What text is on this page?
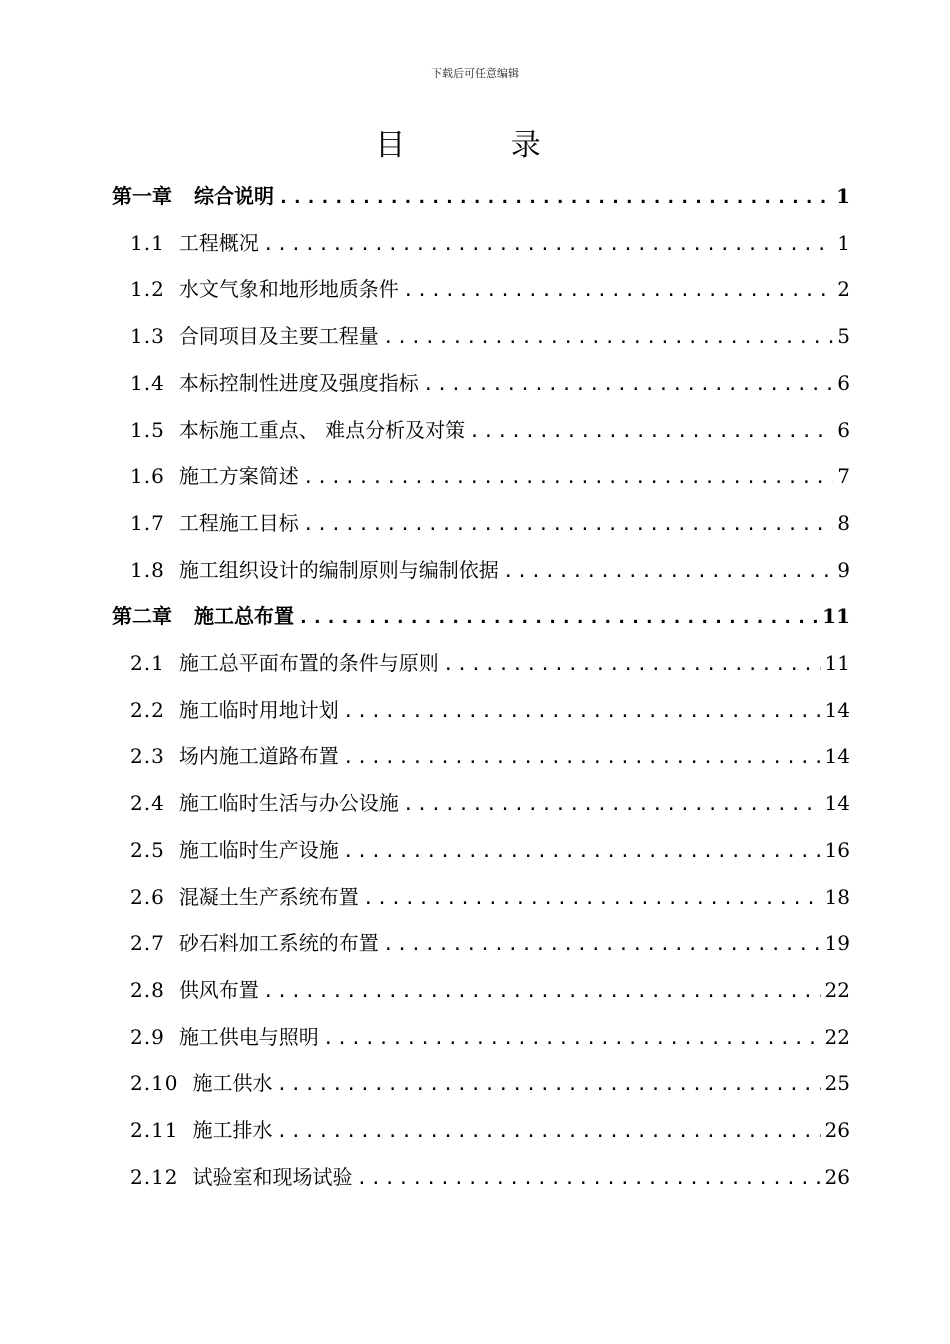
下载后可任意编辑
目 录
第一章 综合说明 .....	1
1.1 工程概况 .....	1
1.2 水文气象和地形地质条件 .....	2
1.3 合同项目及主要工程量 .....	5
1.4 本标控制性进度及强度指标 .....	6
1.5 本标施工重点、 难点分析及对策 .....	6
1.6 施工方案简述 .....	7
1.7 工程施工目标 .....	8
1.8 施工组织设计的编制原则与编制依据 .....	9
第二章 施工总布置 .....	11
2.1 施工总平面布置的条件与原则 .....	11
2.2 施工临时用地计划 .....	14
2.3 场内施工道路布置 .....	14
2.4 施工临时生活与办公设施 .....	14
2.5 施工临时生产设施 .....	16
2.6 混凝土生产系统布置 .....	18
2.7 砂石料加工系统的布置 .....	19
2.8 供风布置 .....	22
2.9 施工供电与照明 .....	22
2.10 施工供水 .....	25
2.11 施工排水 .....	26
2.12 试验室和现场试验 .....	26
